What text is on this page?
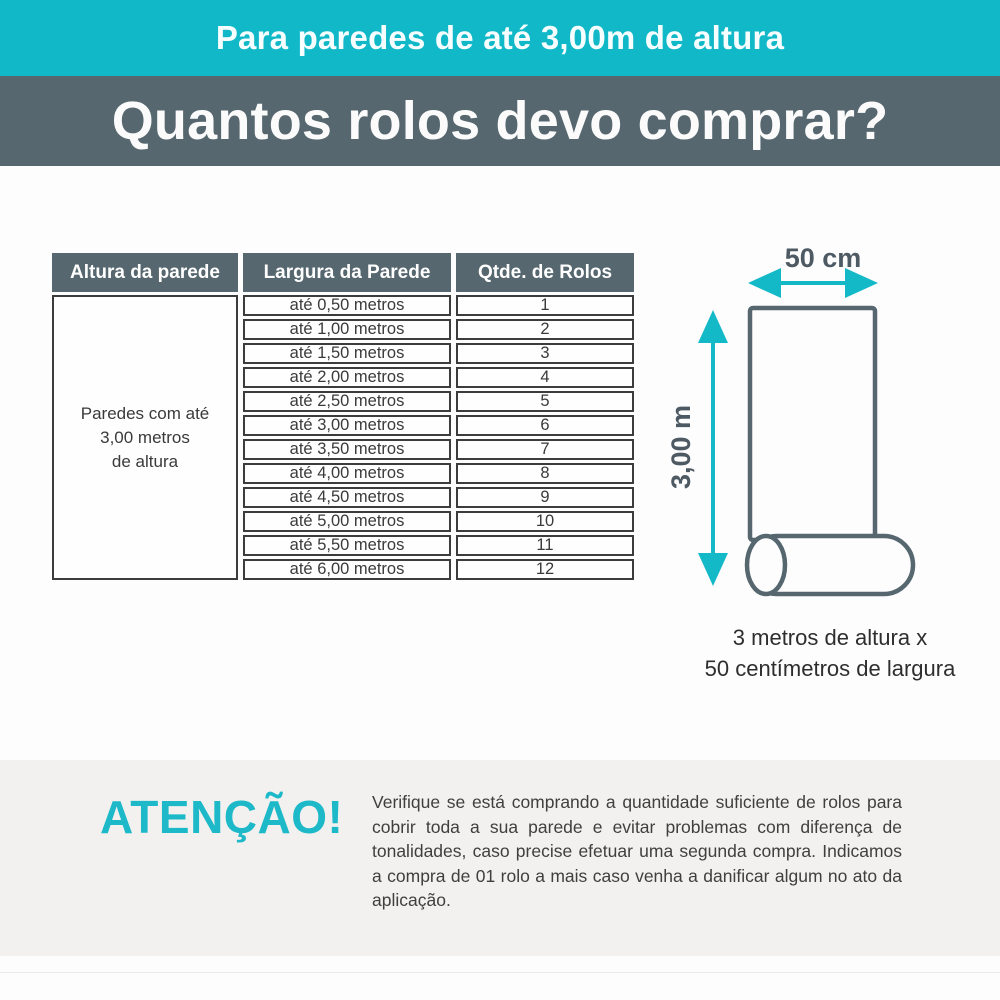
Para paredes de até 3,00m de altura
Quantos rolos devo comprar?
Altura da parede	Largura da Parede	Qtde. de Rolos

Paredes com até
3,00 metros
de altura	até 0,50 metros	1
	até 1,00 metros	2
	até 1,50 metros	3
	até 2,00 metros	4
	até 2,50 metros	5
	até 3,00 metros	6
	até 3,50 metros	7
	até 4,00 metros	8
	até 4,50 metros	9
	até 5,00 metros	10
	até 5,50 metros	11
	até 6,00 metros	12
50 cm
3,00 m
3 metros de altura x
50 centímetros de largura
ATENÇÃO! Verifique se está comprando a quantidade suficiente de rolos para cobrir toda a sua parede e evitar problemas com diferença de tonalidades, caso precise efetuar uma segunda compra. Indicamos a compra de 01 rolo a mais caso venha a danificar algum no ato da aplicação.
